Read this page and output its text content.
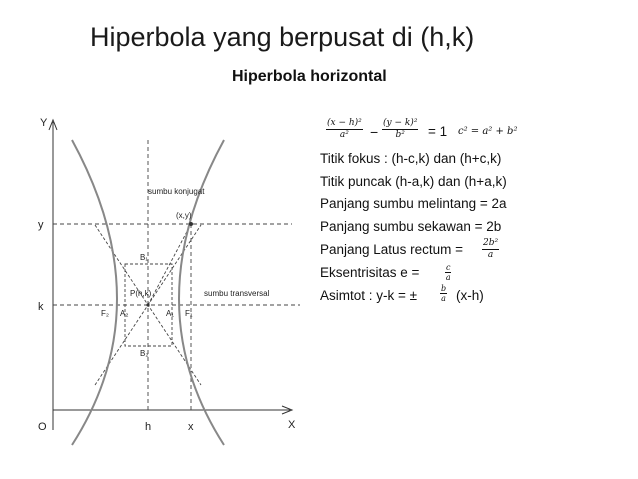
Hiperbola yang berpusat di (h,k)
Hiperbola horizontal
Y
X
O
y
k
h	x
(x,y)
P(h,k)
sumbu konjugat
sumbu transversal
F₂ A₂	A₁ F₁
B₁
B₂
$\frac{\text{(x − h)²}}{\text{a²}} - \frac{\text{(y − k)²}}{\text{b²}} = 1$ c² = a² + b²
Titik fokus : (h-c,k) dan (h+c,k)
Titik puncak (h-a,k) dan (h+a,k)
Panjang sumbu melintang = 2a
Panjang sumbu sekawan = 2b
Panjang Latus rectum = $\frac{\text{2b²}}{a}$
Eksentrisitas e =	$\frac{c}{a}$
Asimtot : y-k = ±	$\frac{b}{a} (x-h)$
